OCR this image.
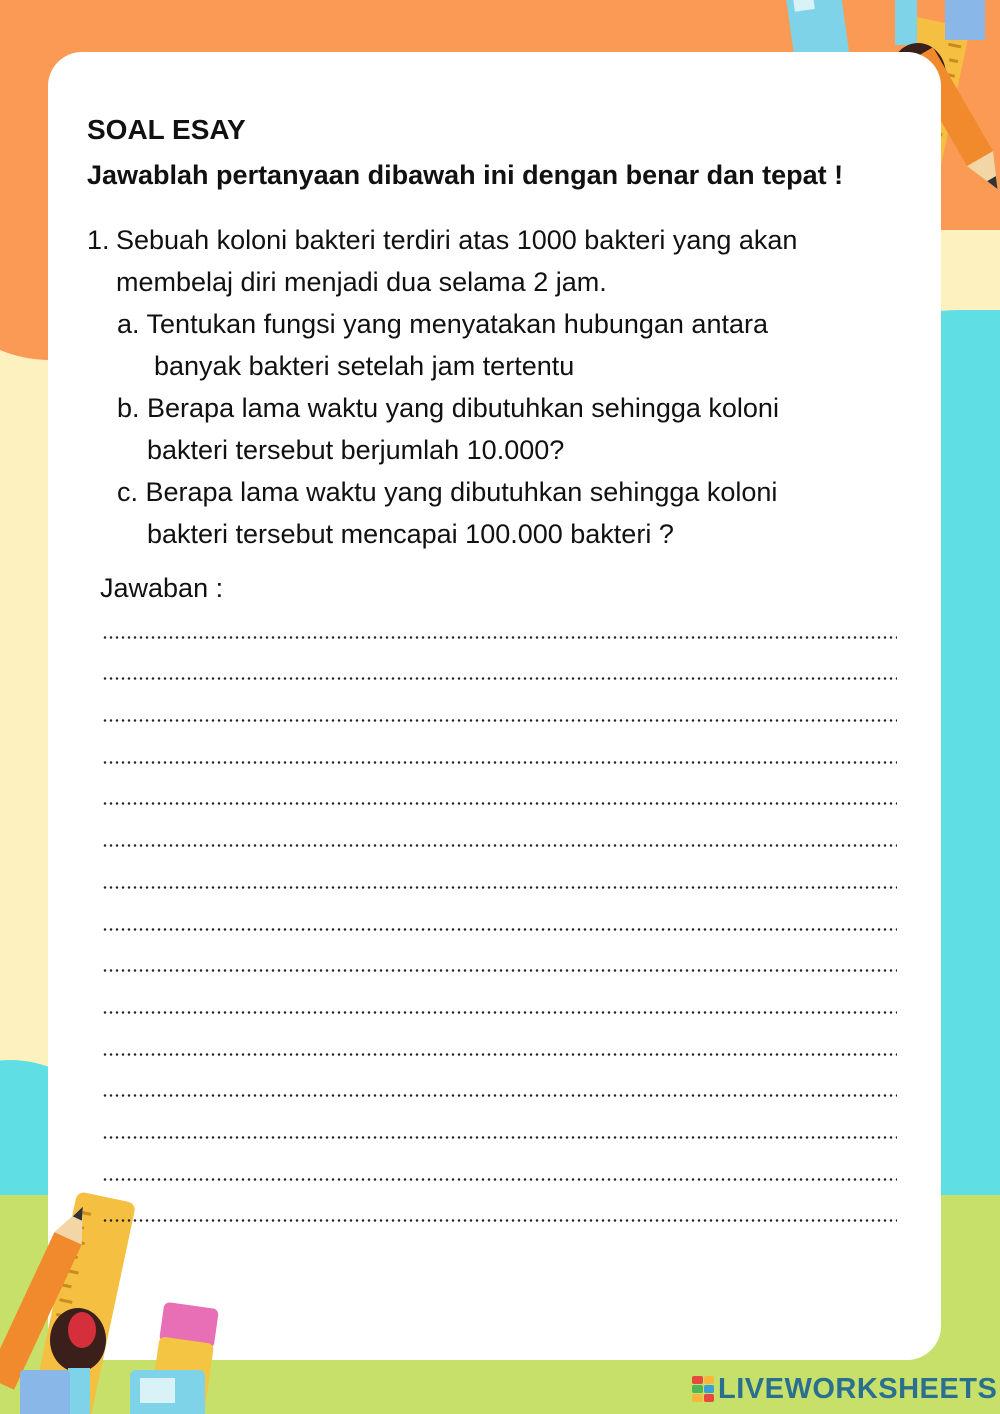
SOAL ESAY

Jawablah pertanyaan dibawah ini dengan benar dan tepat !

1. Sebuah koloni bakteri terdiri atas 1000 bakteri yang akan
membelaj diri menjadi dua selama 2 jam.
a. Tentukan fungsi yang menyatakan hubungan antara
banyak bakteri setelah jam tertentu
b. Berapa lama waktu yang dibutuhkan sehingga koloni
bakteri tersebut berjumlah 10.000?
c. Berapa lama waktu yang dibutuhkan sehingga koloni
bakteri tersebut mencapai 100.000 bakteri ?
Jawaban :
LIVEWORKSHEETS
